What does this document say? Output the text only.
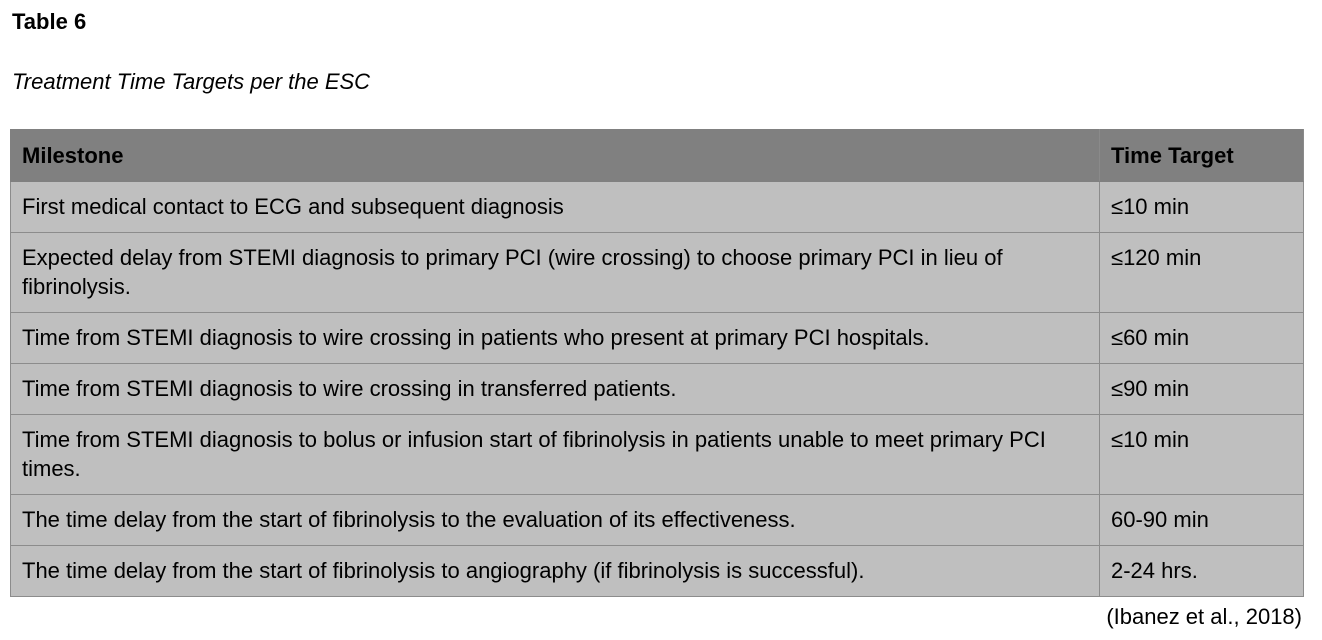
Table 6
Treatment Time Targets per the ESC
Milestone	Time Target
First medical contact to ECG and subsequent diagnosis	≤10 min
Expected delay from STEMI diagnosis to primary PCI (wire crossing) to choose primary PCI in lieu of fibrinolysis.	≤120 min
Time from STEMI diagnosis to wire crossing in patients who present at primary PCI hospitals.	≤60 min
Time from STEMI diagnosis to wire crossing in transferred patients.	≤90 min
Time from STEMI diagnosis to bolus or infusion start of fibrinolysis in patients unable to meet primary PCI times.	≤10 min
The time delay from the start of fibrinolysis to the evaluation of its effectiveness.	60-90 min
The time delay from the start of fibrinolysis to angiography (if fibrinolysis is successful).	2-24 hrs.
(Ibanez et al., 2018)
